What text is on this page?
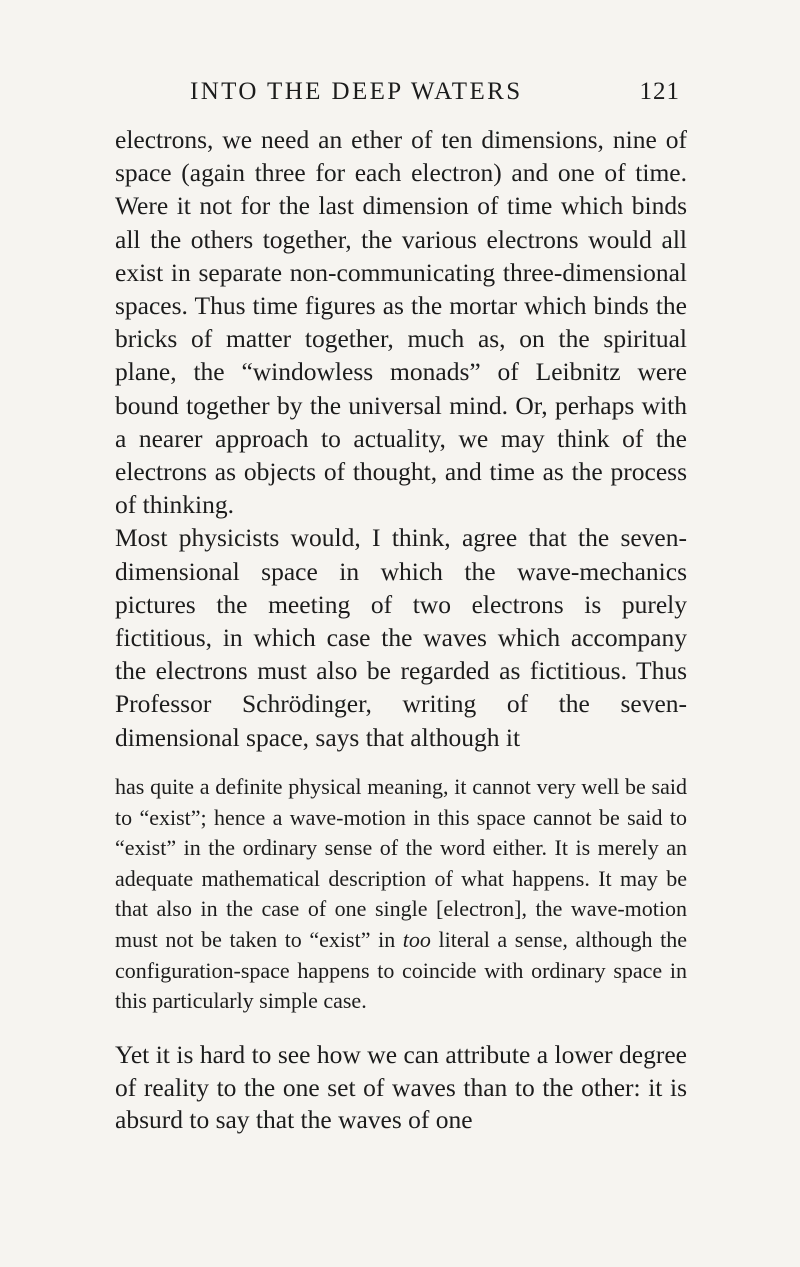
INTO THE DEEP WATERS	121

electrons, we need an ether of ten dimensions, nine of space (again three for each electron) and one of time. Were it not for the last dimension of time which binds all the others together, the various electrons would all exist in separate non-communicating three-dimensional spaces. Thus time figures as the mortar which binds the bricks of matter together, much as, on the spiritual plane, the “windowless monads” of Leibnitz were bound together by the universal mind. Or, perhaps with a nearer approach to actuality, we may think of the electrons as objects of thought, and time as the process of thinking.

Most physicists would, I think, agree that the seven-dimensional space in which the wave-mechanics pictures the meeting of two electrons is purely fictitious, in which case the waves which accompany the electrons must also be regarded as fictitious. Thus Professor Schrödinger, writing of the seven-dimensional space, says that although it

has quite a definite physical meaning, it cannot very well be said to “exist”; hence a wave-motion in this space cannot be said to “exist” in the ordinary sense of the word either. It is merely an adequate mathematical description of what happens. It may be that also in the case of one single [electron], the wave-motion must not be taken to “exist” in too literal a sense, although the configuration-space happens to coincide with ordinary space in this particularly simple case.

Yet it is hard to see how we can attribute a lower degree of reality to the one set of waves than to the other: it is absurd to say that the waves of one
